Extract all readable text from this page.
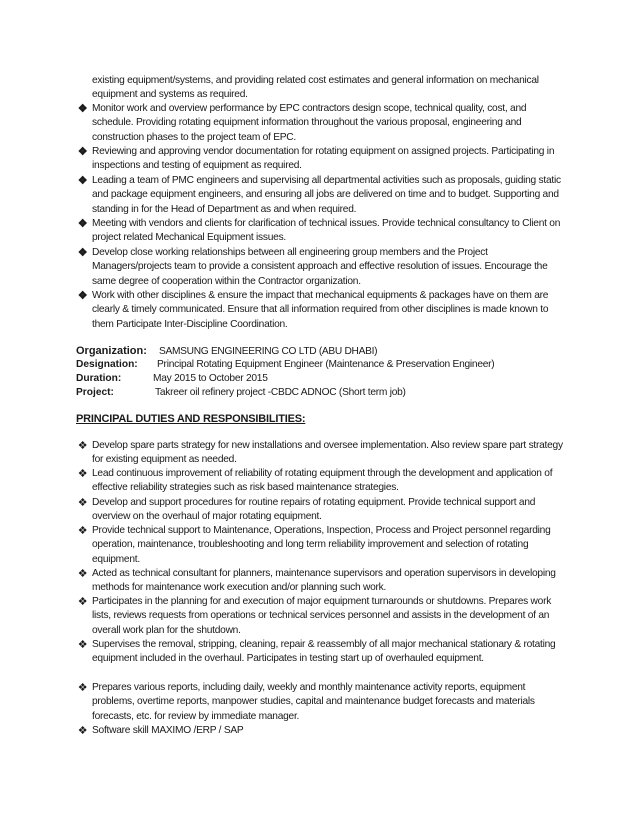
existing equipment/systems, and providing related cost estimates and general information on mechanical equipment and systems as required.
❖ Monitor work and overview performance by EPC contractors design scope, technical quality, cost, and schedule. Providing rotating equipment information throughout the various proposal, engineering and construction phases to the project team of EPC.
❖ Reviewing and approving vendor documentation for rotating equipment on assigned projects. Participating in inspections and testing of equipment as required.
❖ Leading a team of PMC engineers and supervising all departmental activities such as proposals, guiding static and package equipment engineers, and ensuring all jobs are delivered on time and to budget. Supporting and standing in for the Head of Department as and when required.
❖ Meeting with vendors and clients for clarification of technical issues. Provide technical consultancy to Client on project related Mechanical Equipment issues.
❖ Develop close working relationships between all engineering group members and the Project Managers/projects team to provide a consistent approach and effective resolution of issues. Encourage the same degree of cooperation within the Contractor organization.
❖ Work with other disciplines & ensure the impact that mechanical equipments & packages have on them are clearly & timely communicated. Ensure that all information required from other disciplines is made known to them Participate Inter-Discipline Coordination.
Organization: SAMSUNG ENGINEERING CO LTD (ABU DHABI)
Designation: Principal Rotating Equipment Engineer (Maintenance & Preservation Engineer)
Duration:	May 2015 to October 2015
Project:	Takreer oil refinery project -CBDC ADNOC (Short term job)
PRINCIPAL DUTIES AND RESPONSIBILITIES:
❖ Develop spare parts strategy for new installations and oversee implementation. Also review spare part strategy for existing equipment as needed.
❖ Lead continuous improvement of reliability of rotating equipment through the development and application of effective reliability strategies such as risk based maintenance strategies.
❖ Develop and support procedures for routine repairs of rotating equipment. Provide technical support and overview on the overhaul of major rotating equipment.
❖ Provide technical support to Maintenance, Operations, Inspection, Process and Project personnel regarding operation, maintenance, troubleshooting and long term reliability improvement and selection of rotating equipment.
❖ Acted as technical consultant for planners, maintenance supervisors and operation supervisors in developing methods for maintenance work execution and/or planning such work.
❖ Participates in the planning for and execution of major equipment turnarounds or shutdowns. Prepares work lists, reviews requests from operations or technical services personnel and assists in the development of an overall work plan for the shutdown.
❖ Supervises the removal, stripping, cleaning, repair & reassembly of all major mechanical stationary & rotating equipment included in the overhaul. Participates in testing start up of overhauled equipment.
❖ Prepares various reports, including daily, weekly and monthly maintenance activity reports, equipment problems, overtime reports, manpower studies, capital and maintenance budget forecasts and materials forecasts, etc. for review by immediate manager.
❖ Software skill MAXIMO /ERP / SAP
